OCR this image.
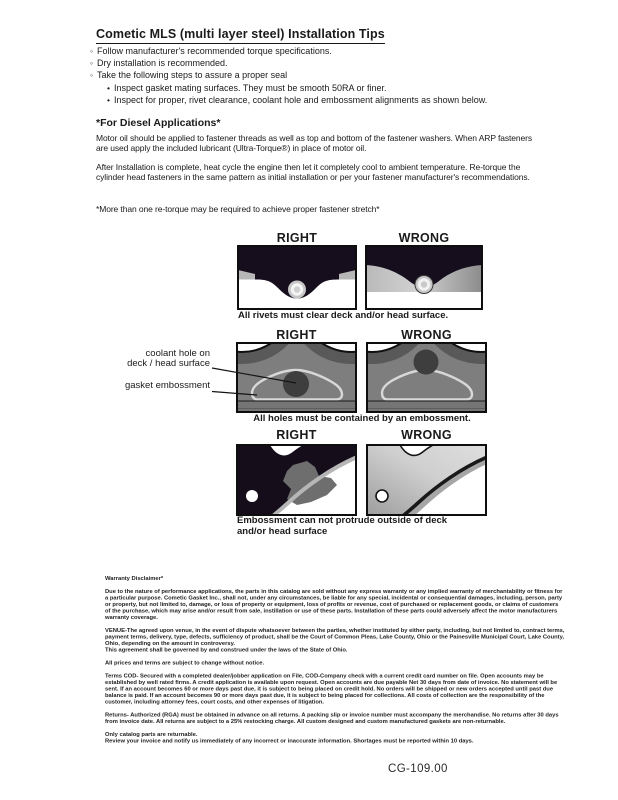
Cometic MLS (multi layer steel) Installation Tips
◦ Follow manufacturer's recommended torque specifications.
◦ Dry installation is recommended.
◦ Take the following steps to assure a proper seal
• Inspect gasket mating surfaces. They must be smooth 50RA or finer.
• Inspect for proper, rivet clearance, coolant hole and embossment alignments as shown below.
*For Diesel Applications*
Motor oil should be applied to fastener threads as well as top and bottom of the fastener washers. When ARP fasteners are used apply the included lubricant (Ultra-Torque®) in place of motor oil.
After Installation is complete, heat cycle the engine then let it completely cool to ambient temperature. Re-torque the cylinder head fasteners in the same pattern as initial installation or per your fastener manufacturer's recommendations.
*More than one re-torque may be required to achieve proper fastener stretch*
RIGHT	WRONG
All rivets must clear deck and/or head surface.
RIGHT	WRONG
coolant hole on
deck / head surface
gasket embossment
All holes must be contained by an embossment.
RIGHT	WRONG
Embossment can not protrude outside of deck
and/or head surface
Warranty Disclaimer*
Due to the nature of performance applications, the parts in this catalog are sold without any express warranty or any implied warranty of merchantability or fitness for a particular purpose. Cometic Gasket Inc., shall not, under any circumstances, be liable for any special, incidental or consequential damages, including, person, party or property, but not limited to, damage, or loss of property or equipment, loss of profits or revenue, cost of purchased or replacement goods, or claims of customers of the purchase, which may arise and/or result from sale, instillation or use of these parts. Installation of these parts could adversely affect the motor manufacturers warranty coverage.
VENUE-The agreed upon venue, in the event of dispute whatsoever between the parties, whether instituted by either party, including, but not limited to, contract terms, payment terms, delivery, type, defects, sufficiency of product, shall be the Court of Common Pleas, Lake County, Ohio or the Painesville Municipal Court, Lake County, Ohio, depending on the amount in controversy.
This agreement shall be governed by and construed under the laws of the State of Ohio.
All prices and terms are subject to change without notice.
Terms COD- Secured with a completed dealer/jobber application on File, COD-Company check with a current credit card number on file. Open accounts may be established by well rated firms. A credit application is available upon request. Open accounts are due payable Net 30 days from date of invoice. No statement will be sent. If an account becomes 60 or more days past due, it is subject to being placed on credit hold. No orders will be shipped or new orders accepted until past due balance is paid. If an account becomes 90 or more days past due, it is subject to being placed for collections. All costs of collection are the responsibility of the customer, including attorney fees, court costs, and other expenses of litigation.
Returns- Authorized (RGA) must be obtained in advance on all returns. A packing slip or invoice number must accompany the merchandise. No returns after 30 days from invoice date. All returns are subject to a 25% restocking charge. All custom designed and custom manufactured gaskets are non-returnable.
Only catalog parts are returnable.
Review your invoice and notify us immediately of any incorrect or inaccurate information. Shortages must be reported within 10 days.
CG-109.00
